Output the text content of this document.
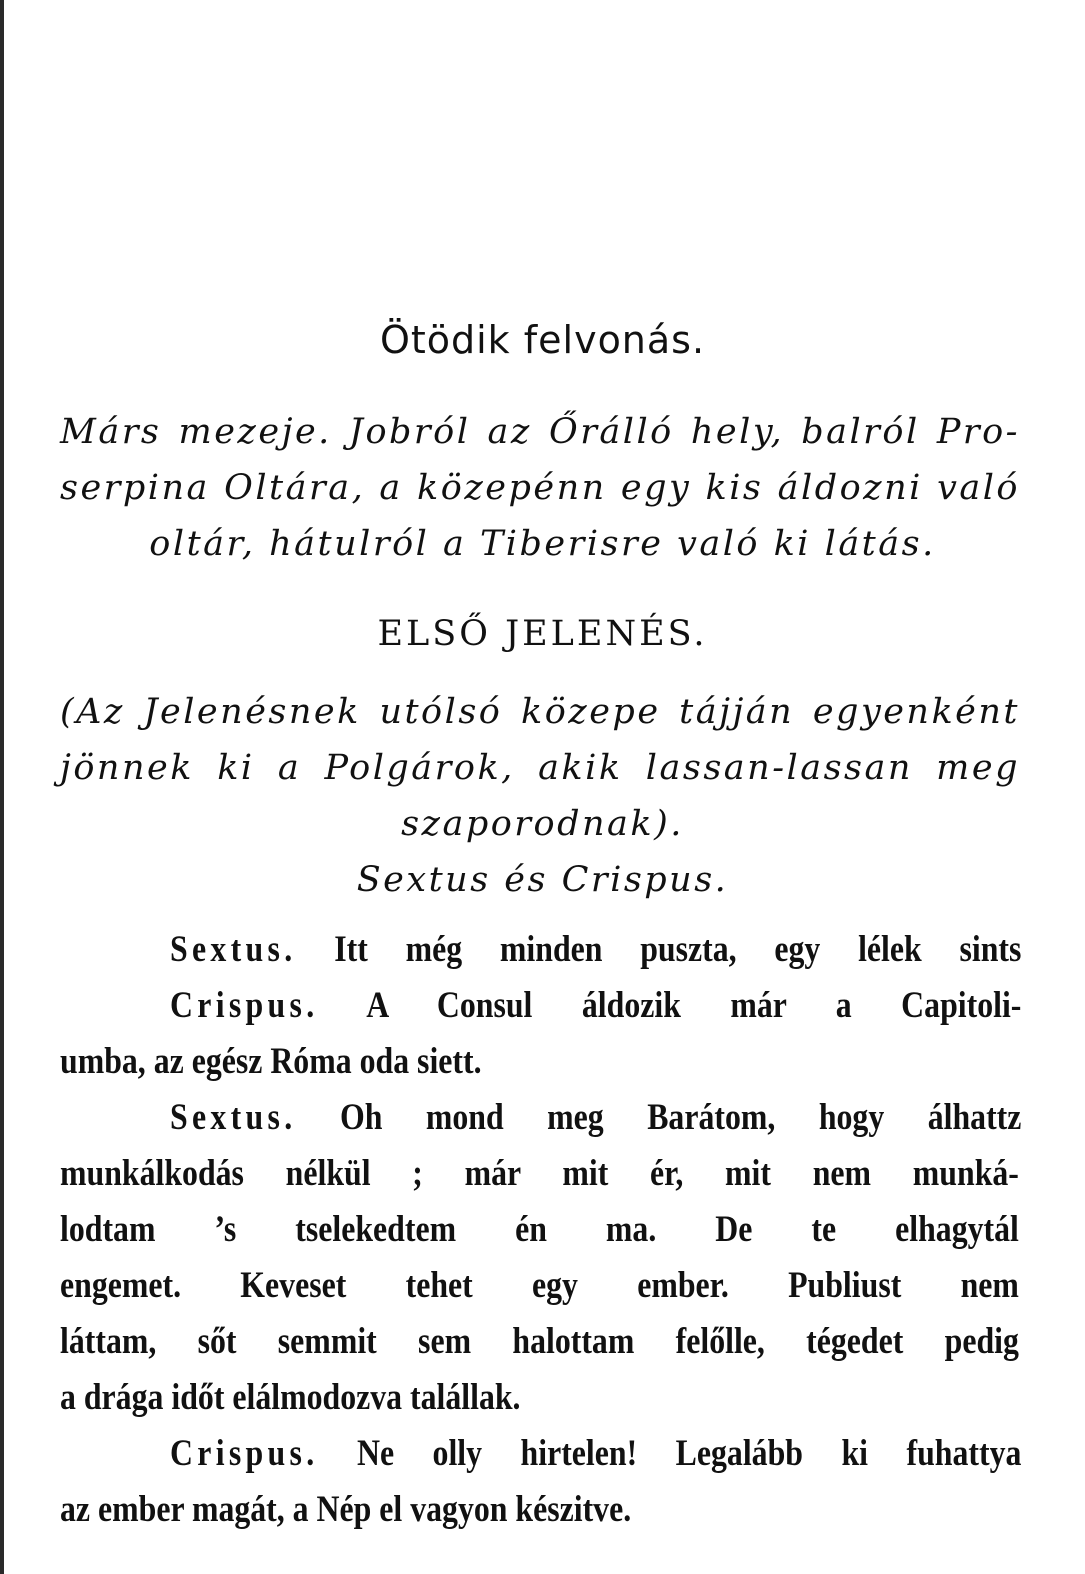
Ötödik felvonás.
Márs mezeje. Jobról az Őrálló hely, balról Pro-
serpina Oltára, a közepénn egy kis áldozni való
oltár, hátulról a Tiberisre való ki látás.
ELSŐ JELENÉS.
(Az Jelenésnek utólsó közepe tájján egyenként
jönnek ki a Polgárok, akik lassan-lassan meg
szaporodnak).
Sextus és Crispus.
Sextus. Itt még minden puszta, egy lélek sints
Crispus. A Consul áldozik már a Capitoli-
umba, az egész Róma oda siett.
Sextus. Oh mond meg Barátom, hogy álhattz
munkálkodás nélkül ; már mit ér, mit nem munká-
lodtam ’s tselekedtem én ma. De te elhagytál
engemet. Keveset tehet egy ember. Publiust nem
láttam, sőt semmit sem halottam felőlle, tégedet pedig
a drága időt elálmodozva talállak.
Crispus. Ne olly hirtelen! Legalább ki fuhattya
az ember magát, a Nép el vagyon készitve.
